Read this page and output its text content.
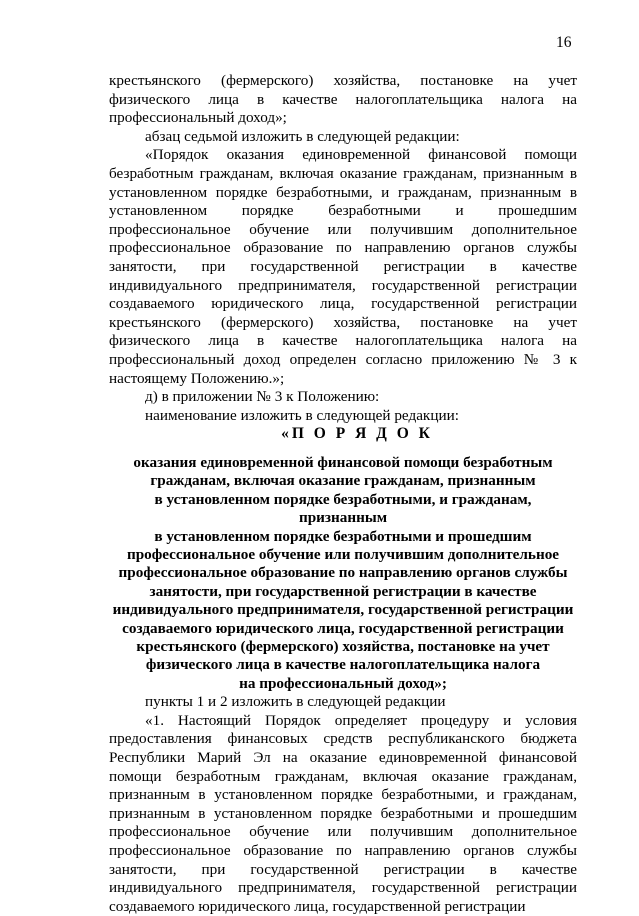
16

крестьянского (фермерского) хозяйства, постановке на учет физического лица в качестве налогоплательщика налога на профессиональный доход»;

абзац седьмой изложить в следующей редакции:

«Порядок оказания единовременной финансовой помощи безработным гражданам, включая оказание гражданам, признанным в установленном порядке безработными, и гражданам, признанным в установленном порядке безработными и прошедшим профессиональное обучение или получившим дополнительное профессиональное образование по направлению органов службы занятости, при государственной регистрации в качестве индивидуального предпринимателя, государственной регистрации создаваемого юридического лица, государственной регистрации крестьянского (фермерского) хозяйства, постановке на учет физического лица в качестве налогоплательщика налога на профессиональный доход определен согласно приложению № 3 к настоящему Положению.»;

д) в приложении № 3 к Положению:

наименование изложить в следующей редакции:

«П О Р Я Д О К

оказания единовременной финансовой помощи безработным
гражданам, включая оказание гражданам, признанным
в установленном порядке безработными, и гражданам, признанным
в установленном порядке безработными и прошедшим
профессиональное обучение или получившим дополнительное
профессиональное образование по направлению органов службы
занятости, при государственной регистрации в качестве
индивидуального предпринимателя, государственной регистрации
создаваемого юридического лица, государственной регистрации
крестьянского (фермерского) хозяйства, постановке на учет
физического лица в качестве налогоплательщика налога
на профессиональный доход»;

пункты 1 и 2 изложить в следующей редакции

«1. Настоящий Порядок определяет процедуру и условия предоставления финансовых средств республиканского бюджета Республики Марий Эл на оказание единовременной финансовой помощи безработным гражданам, включая оказание гражданам, признанным в установленном порядке безработными, и гражданам, признанным в установленном порядке безработными и прошедшим профессиональное обучение или получившим дополнительное профессиональное образование по направлению органов службы занятости, при государственной регистрации в качестве индивидуального предпринимателя, государственной регистрации создаваемого юридического лица, государственной регистрации
